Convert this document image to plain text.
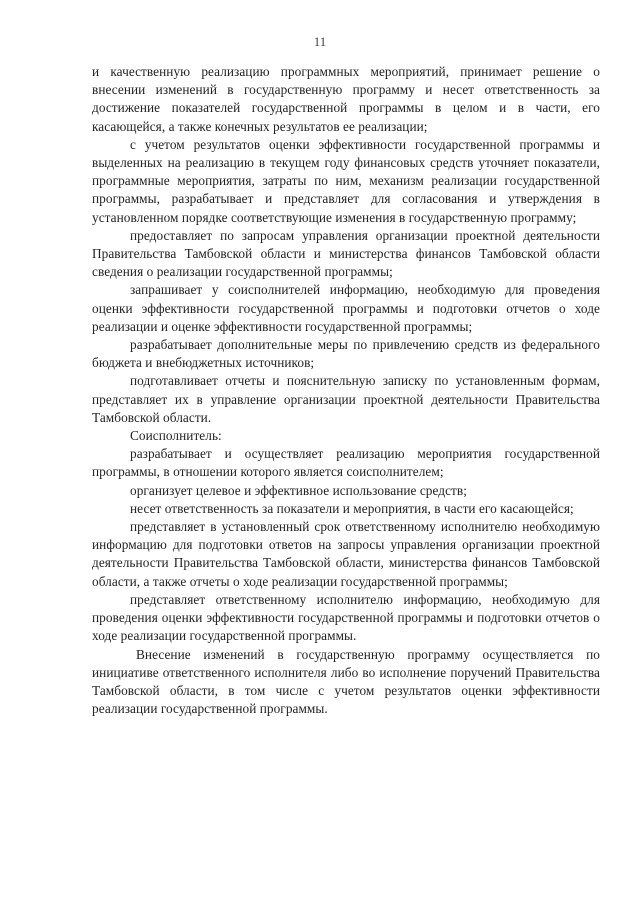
11

и качественную реализацию программных мероприятий, принимает решение о внесении изменений в государственную программу и несет ответственность за достижение показателей государственной программы в целом и в части, его касающейся, а также конечных результатов ее реализации;

с учетом результатов оценки эффективности государственной программы и выделенных на реализацию в текущем году финансовых средств уточняет показатели, программные мероприятия, затраты по ним, механизм реализации государственной программы, разрабатывает и представляет для согласования и утверждения в установленном порядке соответствующие изменения в государственную программу;

предоставляет по запросам управления организации проектной деятельности Правительства Тамбовской области и министерства финансов Тамбовской области сведения о реализации государственной программы;

запрашивает у соисполнителей информацию, необходимую для проведения оценки эффективности государственной программы и подготовки отчетов о ходе реализации и оценке эффективности государственной программы;

разрабатывает дополнительные меры по привлечению средств из федерального бюджета и внебюджетных источников;

подготавливает отчеты и пояснительную записку по установленным формам, представляет их в управление организации проектной деятельности Правительства Тамбовской области.

Соисполнитель:

разрабатывает и осуществляет реализацию мероприятия государственной программы, в отношении которого является соисполнителем;

организует целевое и эффективное использование средств;

несет ответственность за показатели и мероприятия, в части его касающейся;

представляет в установленный срок ответственному исполнителю необходимую информацию для подготовки ответов на запросы управления организации проектной деятельности Правительства Тамбовской области, министерства финансов Тамбовской области, а также отчеты о ходе реализации государственной программы;

представляет ответственному исполнителю информацию, необходимую для проведения оценки эффективности государственной программы и подготовки отчетов о ходе реализации государственной программы.

Внесение изменений в государственную программу осуществляется по инициативе ответственного исполнителя либо во исполнение поручений Правительства Тамбовской области, в том числе с учетом результатов оценки эффективности реализации государственной программы.
